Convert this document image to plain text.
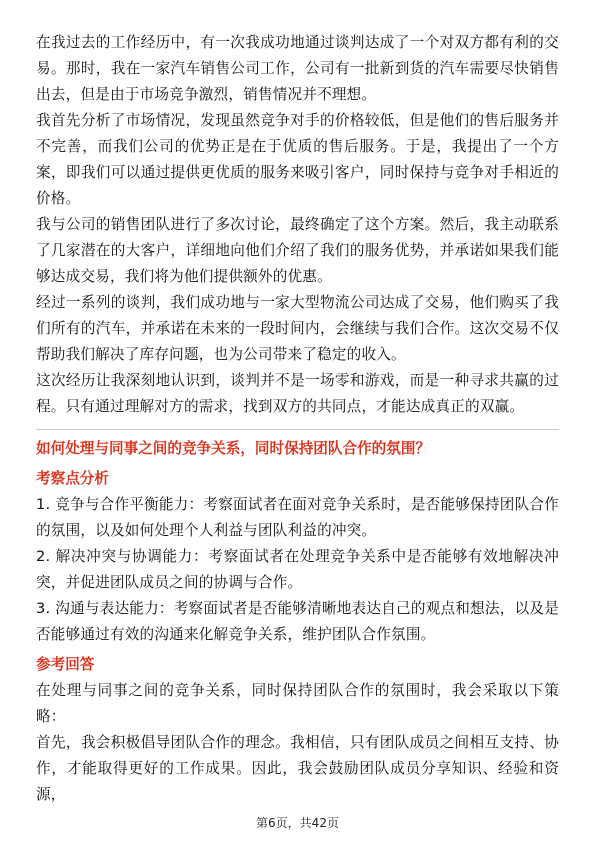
在我过去的工作经历中，有一次我成功地通过谈判达成了一个对双方都有利的交易。那时，我在一家汽车销售公司工作，公司有一批新到货的汽车需要尽快销售出去，但是由于市场竞争激烈，销售情况并不理想。

我首先分析了市场情况，发现虽然竞争对手的价格较低，但是他们的售后服务并不完善，而我们公司的优势正是在于优质的售后服务。于是，我提出了一个方案，即我们可以通过提供更优质的服务来吸引客户，同时保持与竞争对手相近的价格。

我与公司的销售团队进行了多次讨论，最终确定了这个方案。然后，我主动联系了几家潜在的大客户，详细地向他们介绍了我们的服务优势，并承诺如果我们能够达成交易，我们将为他们提供额外的优惠。

经过一系列的谈判，我们成功地与一家大型物流公司达成了交易，他们购买了我们所有的汽车，并承诺在未来的一段时间内，会继续与我们合作。这次交易不仅帮助我们解决了库存问题，也为公司带来了稳定的收入。

这次经历让我深刻地认识到，谈判并不是一场零和游戏，而是一种寻求共赢的过程。只有通过理解对方的需求，找到双方的共同点，才能达成真正的双赢。

如何处理与同事之间的竞争关系，同时保持团队合作的氛围？

考察点分析

1. 竞争与合作平衡能力：考察面试者在面对竞争关系时，是否能够保持团队合作的氛围，以及如何处理个人利益与团队利益的冲突。

2. 解决冲突与协调能力：考察面试者在处理竞争关系中是否能够有效地解决冲突，并促进团队成员之间的协调与合作。

3. 沟通与表达能力：考察面试者是否能够清晰地表达自己的观点和想法，以及是否能够通过有效的沟通来化解竞争关系，维护团队合作氛围。

参考回答

在处理与同事之间的竞争关系，同时保持团队合作的氛围时，我会采取以下策略：

首先，我会积极倡导团队合作的理念。我相信，只有团队成员之间相互支持、协作，才能取得更好的工作成果。因此，我会鼓励团队成员分享知识、经验和资源，

第6页，共42页
